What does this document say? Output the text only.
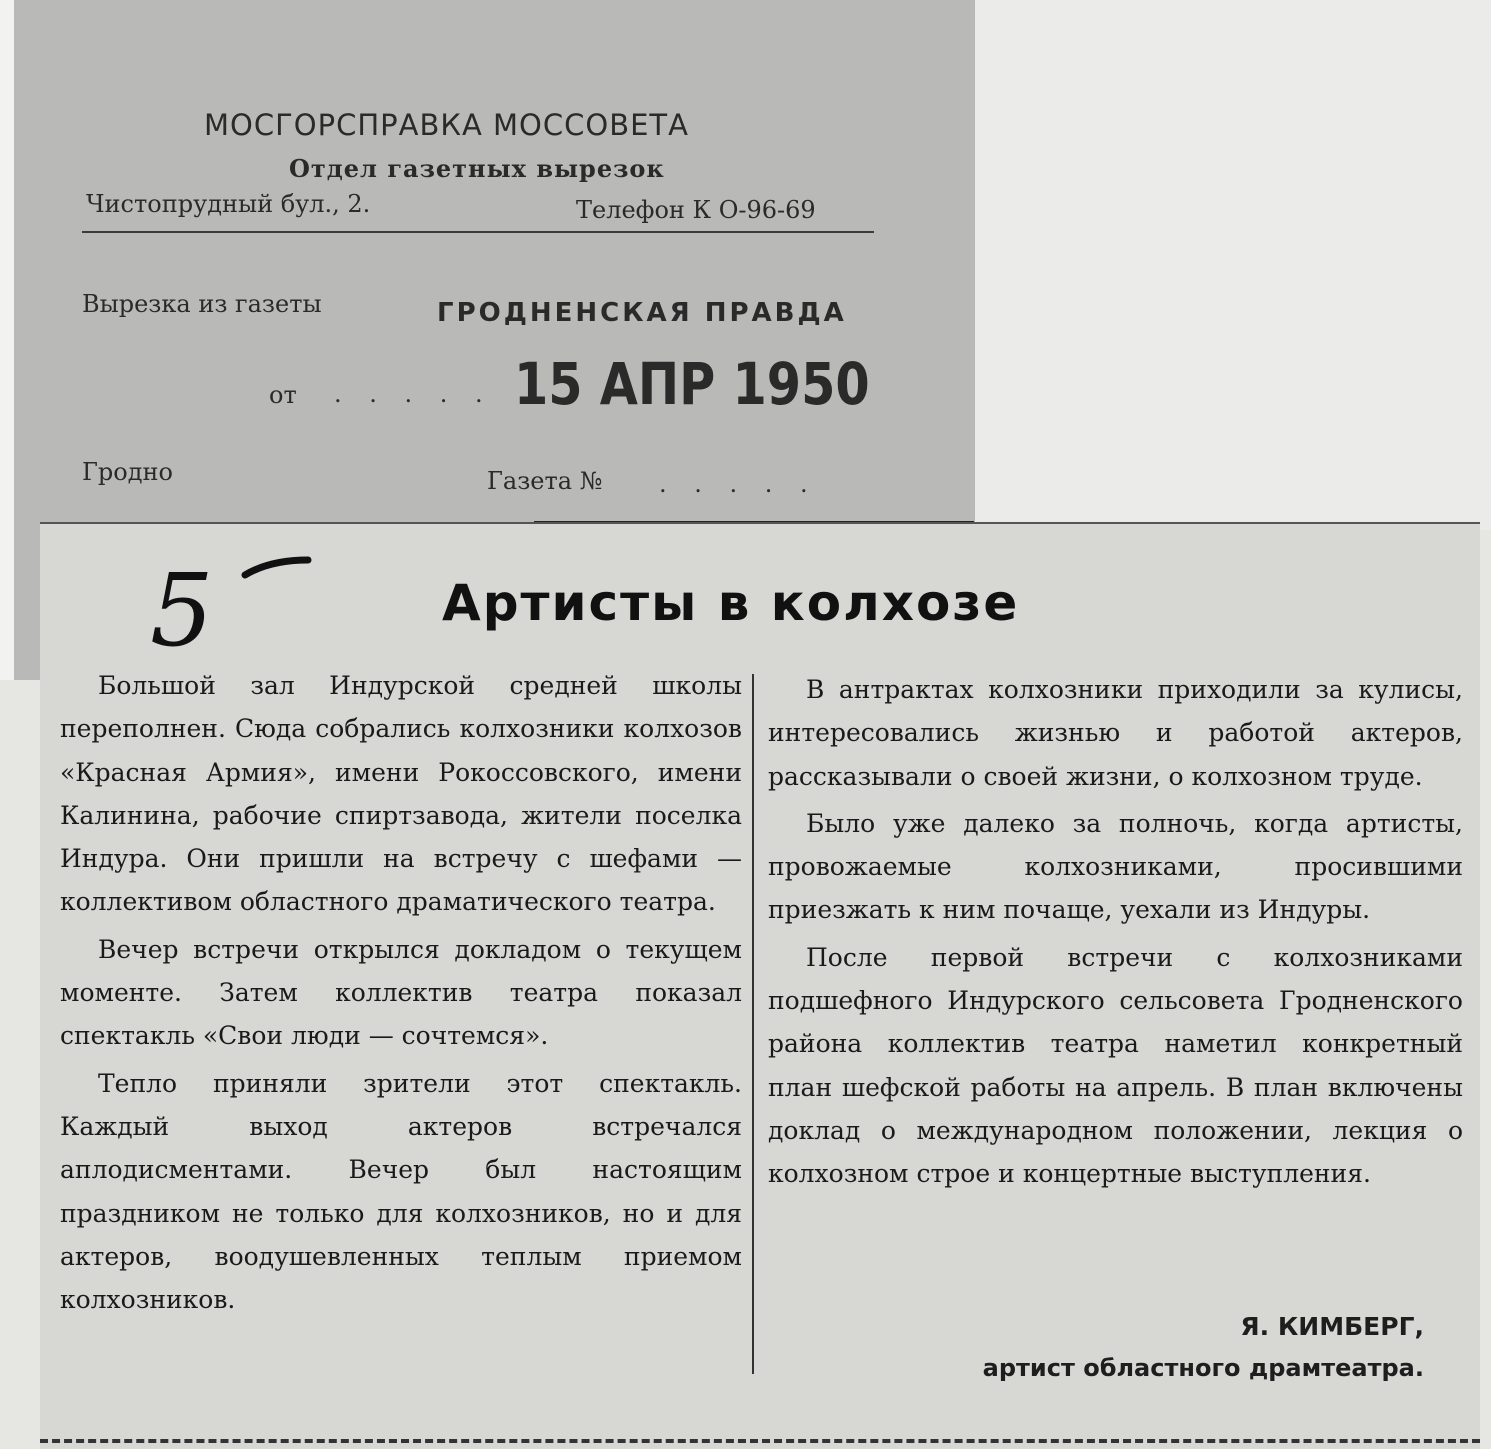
МОСГОРСПРАВКА МОССОВЕТА
Отдел газетных вырезок
Чистопрудный бул., 2.	Телефон К О-96-69
Вырезка из газеты	ГРОДНЕНСКАЯ ПРАВДА
от . . . . . 15 АПР 1950
Гродно	Газета № . . . . .
Артисты в колхозе

Большой зал Индурской средней школы переполнен. Сюда собрались колхозники колхозов «Красная Армия», имени Рокоссовского, имени Калинина, рабочие спиртзавода, жители поселка Индура. Они пришли на встречу с шефами — коллективом областного драматического театра.

Вечер встречи открылся докладом о текущем моменте. Затем коллектив театра показал спектакль «Свои люди — сочтемся».

Тепло приняли зрители этот спектакль. Каждый выход актеров встречался аплодисментами. Вечер был настоящим праздником не только для колхозников, но и для актеров, воодушевленных теплым приемом колхозников.

В антрактах колхозники приходили за кулисы, интересовались жизнью и работой актеров, рассказывали о своей жизни, о колхозном труде.

Было уже далеко за полночь, когда артисты, провожаемые колхозниками, просившими приезжать к ним почаще, уехали из Индуры.

После первой встречи с колхозниками подшефного Индурского сельсовета Гродненского района коллектив театра наметил конкретный план шефской работы на апрель. В план включены доклад о международном положении, лекция о колхозном строе и концертные выступления.

Я. КИМБЕРГ,
артист областного драмтеатра.
5
